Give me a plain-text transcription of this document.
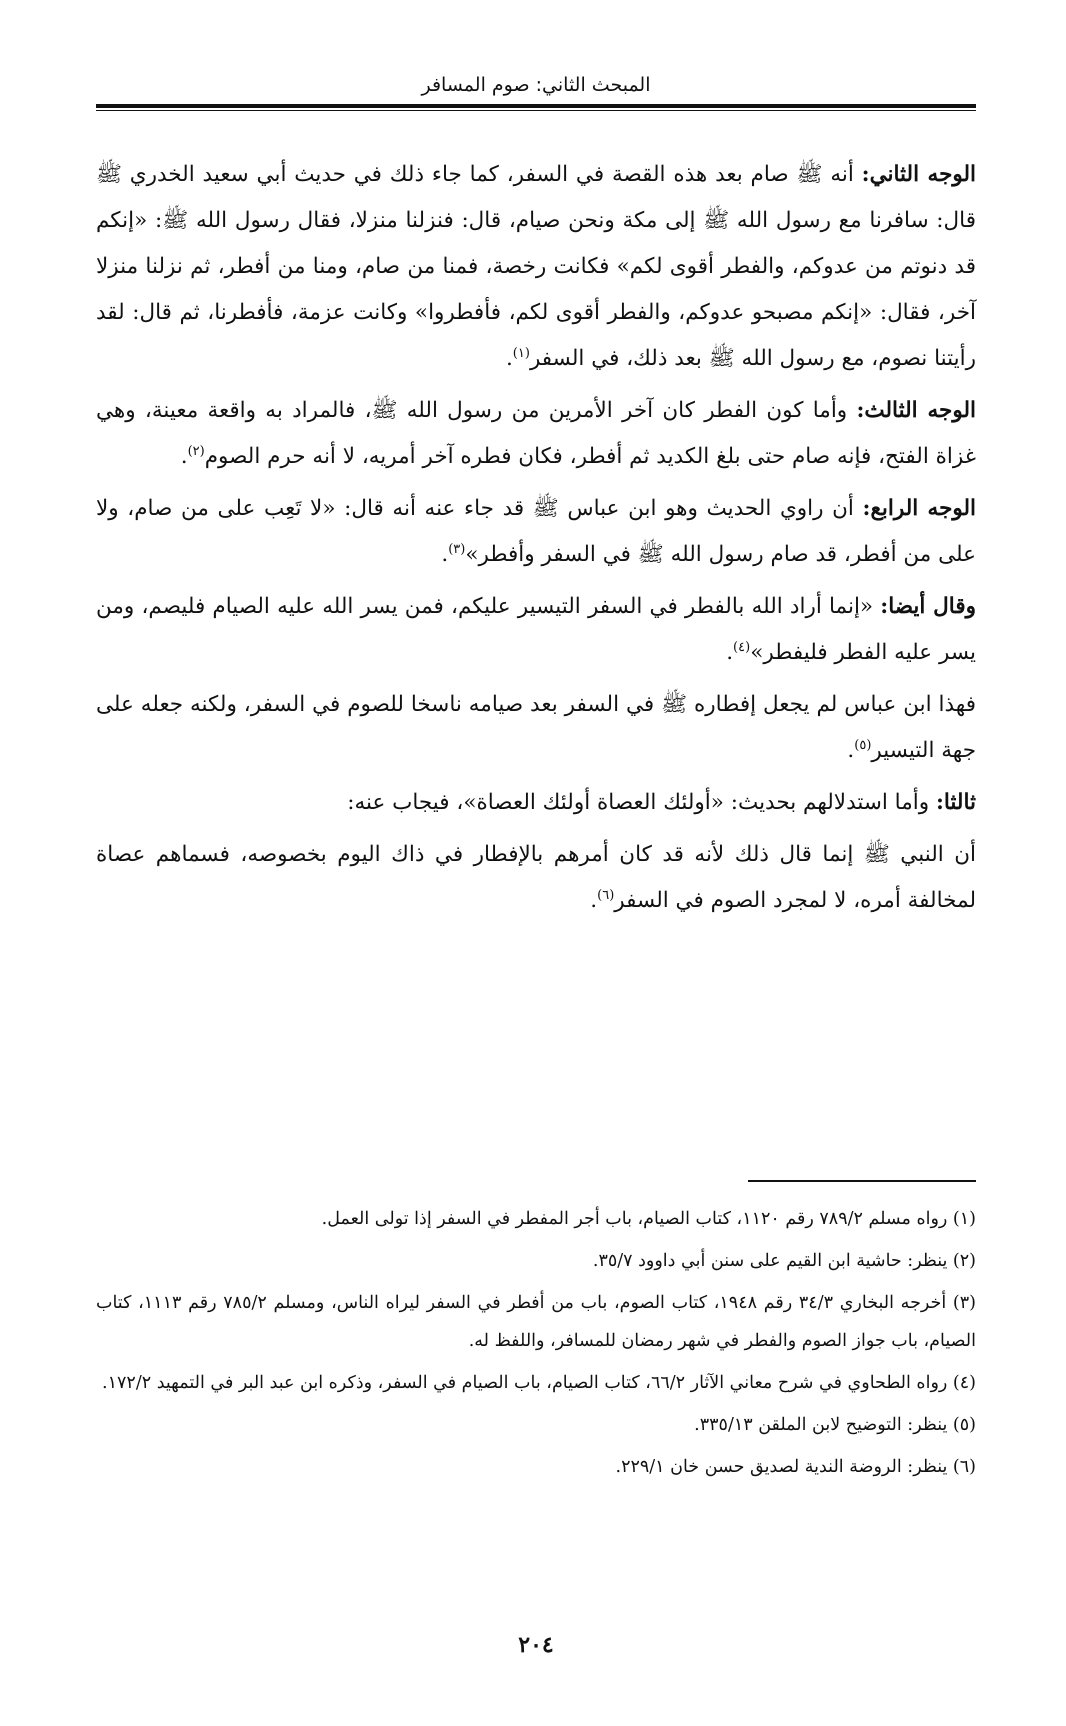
المبحث الثاني: صوم المسافر

الوجه الثاني: أنه ﷺ صام بعد هذه القصة في السفر، كما جاء ذلك في حديث أبي سعيد الخدري ﷺ قال: سافرنا مع رسول الله ﷺ إلى مكة ونحن صيام، قال: فنزلنا منزلا، فقال رسول الله ﷺ: «إنكم قد دنوتم من عدوكم، والفطر أقوى لكم» فكانت رخصة، فمنا من صام، ومنا من أفطر، ثم نزلنا منزلا آخر، فقال: «إنكم مصبحو عدوكم، والفطر أقوى لكم، فأفطروا» وكانت عزمة، فأفطرنا، ثم قال: لقد رأيتنا نصوم، مع رسول الله ﷺ بعد ذلك، في السفر$^{(١)}$.

الوجه الثالث: وأما كون الفطر كان آخر الأمرين من رسول الله ﷺ، فالمراد به واقعة معينة، وهي غزاة الفتح، فإنه صام حتى بلغ الكديد ثم أفطر، فكان فطره آخر أمريه، لا أنه حرم الصوم$^{(٢)}$.

الوجه الرابع: أن راوي الحديث وهو ابن عباس ﷺ قد جاء عنه أنه قال: «لا تَعِب على من صام، ولا على من أفطر، قد صام رسول الله ﷺ في السفر وأفطر»$^{(٣)}$.

وقال أيضا: «إنما أراد الله بالفطر في السفر التيسير عليكم، فمن يسر الله عليه الصيام فليصم، ومن يسر عليه الفطر فليفطر»$^{(٤)}$.

فهذا ابن عباس لم يجعل إفطاره ﷺ في السفر بعد صيامه ناسخا للصوم في السفر، ولكنه جعله على جهة التيسير$^{(٥)}$.

ثالثا: وأما استدلالهم بحديث: «أولئك العصاة أولئك العصاة»، فيجاب عنه:

أن النبي ﷺ إنما قال ذلك لأنه قد كان أمرهم بالإفطار في ذاك اليوم بخصوصه، فسماهم عصاة لمخالفة أمره، لا لمجرد الصوم في السفر$^{(٦)}$.

(١) رواه مسلم ٧٨٩/٢ رقم ١١٢٠، كتاب الصيام، باب أجر المفطر في السفر إذا تولى العمل.

(٢) ينظر: حاشية ابن القيم على سنن أبي داوود ٣٥/٧.

(٣) أخرجه البخاري ٣٤/٣ رقم ١٩٤٨، كتاب الصوم، باب من أفطر في السفر ليراه الناس، ومسلم ٧٨٥/٢ رقم ١١١٣، كتاب الصيام، باب جواز الصوم والفطر في شهر رمضان للمسافر، واللفظ له.

(٤) رواه الطحاوي في شرح معاني الآثار ٦٦/٢، كتاب الصيام، باب الصيام في السفر، وذكره ابن عبد البر في التمهيد ١٧٢/٢.

(٥) ينظر: التوضيح لابن الملقن ٣٣٥/١٣.

(٦) ينظر: الروضة الندية لصديق حسن خان ٢٢٩/١.

٢٠٤
